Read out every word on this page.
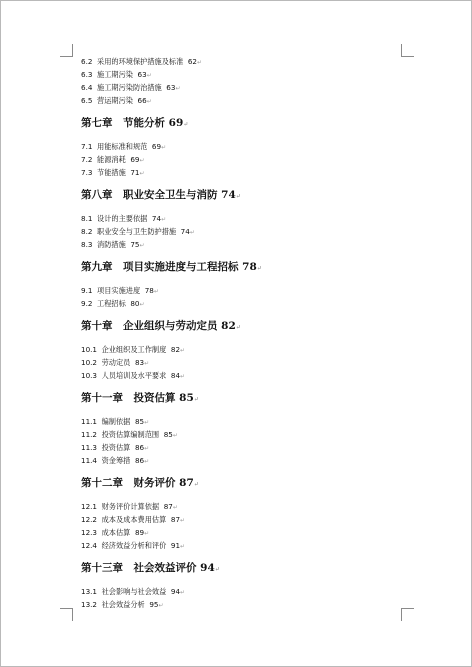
6.2 采用的环境保护措施及标准 62↵
6.3 施工期污染 63↵
6.4 施工期污染防治措施 63↵
6.5 营运期污染 66↵
第七章　节能分析 69↵
7.1 用能标准和规范 69↵
7.2 能源消耗 69↵
7.3 节能措施 71↵
第八章　职业安全卫生与消防 74↵
8.1 设计的主要依据 74↵
8.2 职业安全与卫生防护措施 74↵
8.3 消防措施 75↵
第九章　项目实施进度与工程招标 78↵
9.1 项目实施进度 78↵
9.2 工程招标 80↵
第十章　企业组织与劳动定员 82↵
10.1 企业组织及工作制度 82↵
10.2 劳动定员 83↵
10.3 人员培训及水平要求 84↵
第十一章　投资估算 85↵
11.1 编制依据 85↵
11.2 投资估算编制范围 85↵
11.3 投资估算 86↵
11.4 资金筹措 86↵
第十二章　财务评价 87↵
12.1 财务评价计算依据 87↵
12.2 成本及成本费用估算 87↵
12.3 成本估算 89↵
12.4 经济效益分析和评价 91↵
第十三章　社会效益评价 94↵
13.1 社会影响与社会效益 94↵
13.2 社会效益分析 95↵
